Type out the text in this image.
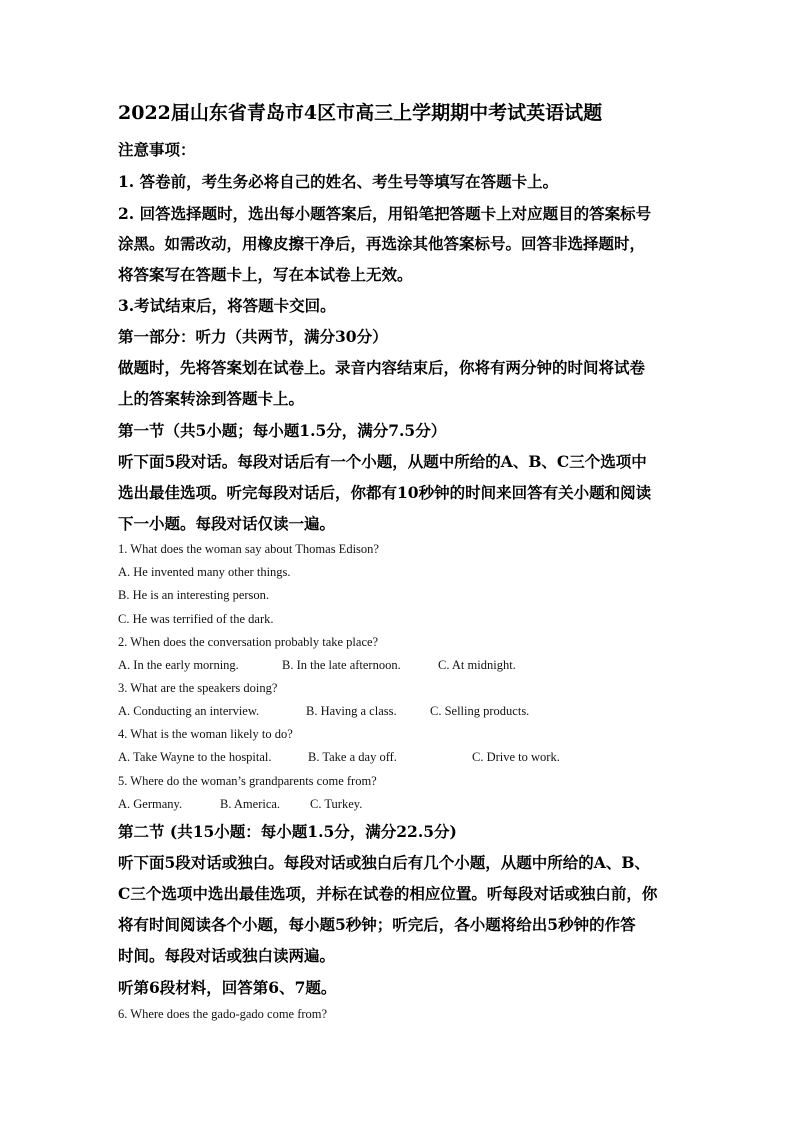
2022届山东省青岛市4区市高三上学期期中考试英语试题
注意事项：
1. 答卷前，考生务必将自己的姓名、考生号等填写在答题卡上。
2. 回答选择题时，选出每小题答案后，用铅笔把答题卡上对应题目的答案标号
涂黑。如需改动，用橡皮擦干净后，再选涂其他答案标号。回答非选择题时，
将答案写在答题卡上，写在本试卷上无效。
3.考试结束后，将答题卡交回。
第一部分：听力（共两节，满分30分）
做题时，先将答案划在试卷上。录音内容结束后，你将有两分钟的时间将试卷
上的答案转涂到答题卡上。
第一节（共5小题；每小题1.5分，满分7.5分）
听下面5段对话。每段对话后有一个小题，从题中所给的A、B、C三个选项中
选出最佳选项。听完每段对话后，你都有10秒钟的时间来回答有关小题和阅读
下一小题。每段对话仅读一遍。
1. What does the woman say about Thomas Edison?
A. He invented many other things.
B. He is an interesting person.
C. He was terrified of the dark.
2. When does the conversation probably take place?
A. In the early morning.	B. In the late afternoon.	C. At midnight.
3. What are the speakers doing?
A. Conducting an interview.	B. Having a class.	C. Selling products.
4. What is the woman likely to do?
A. Take Wayne to the hospital.	B. Take a day off.	C. Drive to work.
5. Where do the woman’s grandparents come from?
A. Germany.	B. America. C. Turkey.
第二节 (共15小题：每小题1.5分，满分22.5分)
听下面5段对话或独白。每段对话或独白后有几个小题，从题中所给的A、B、
C三个选项中选出最佳选项，并标在试卷的相应位置。听每段对话或独白前，你
将有时间阅读各个小题，每小题5秒钟；听完后，各小题将给出5秒钟的作答
时间。每段对话或独白读两遍。
听第6段材料，回答第6、7题。
6. Where does the gado-gado come from?
